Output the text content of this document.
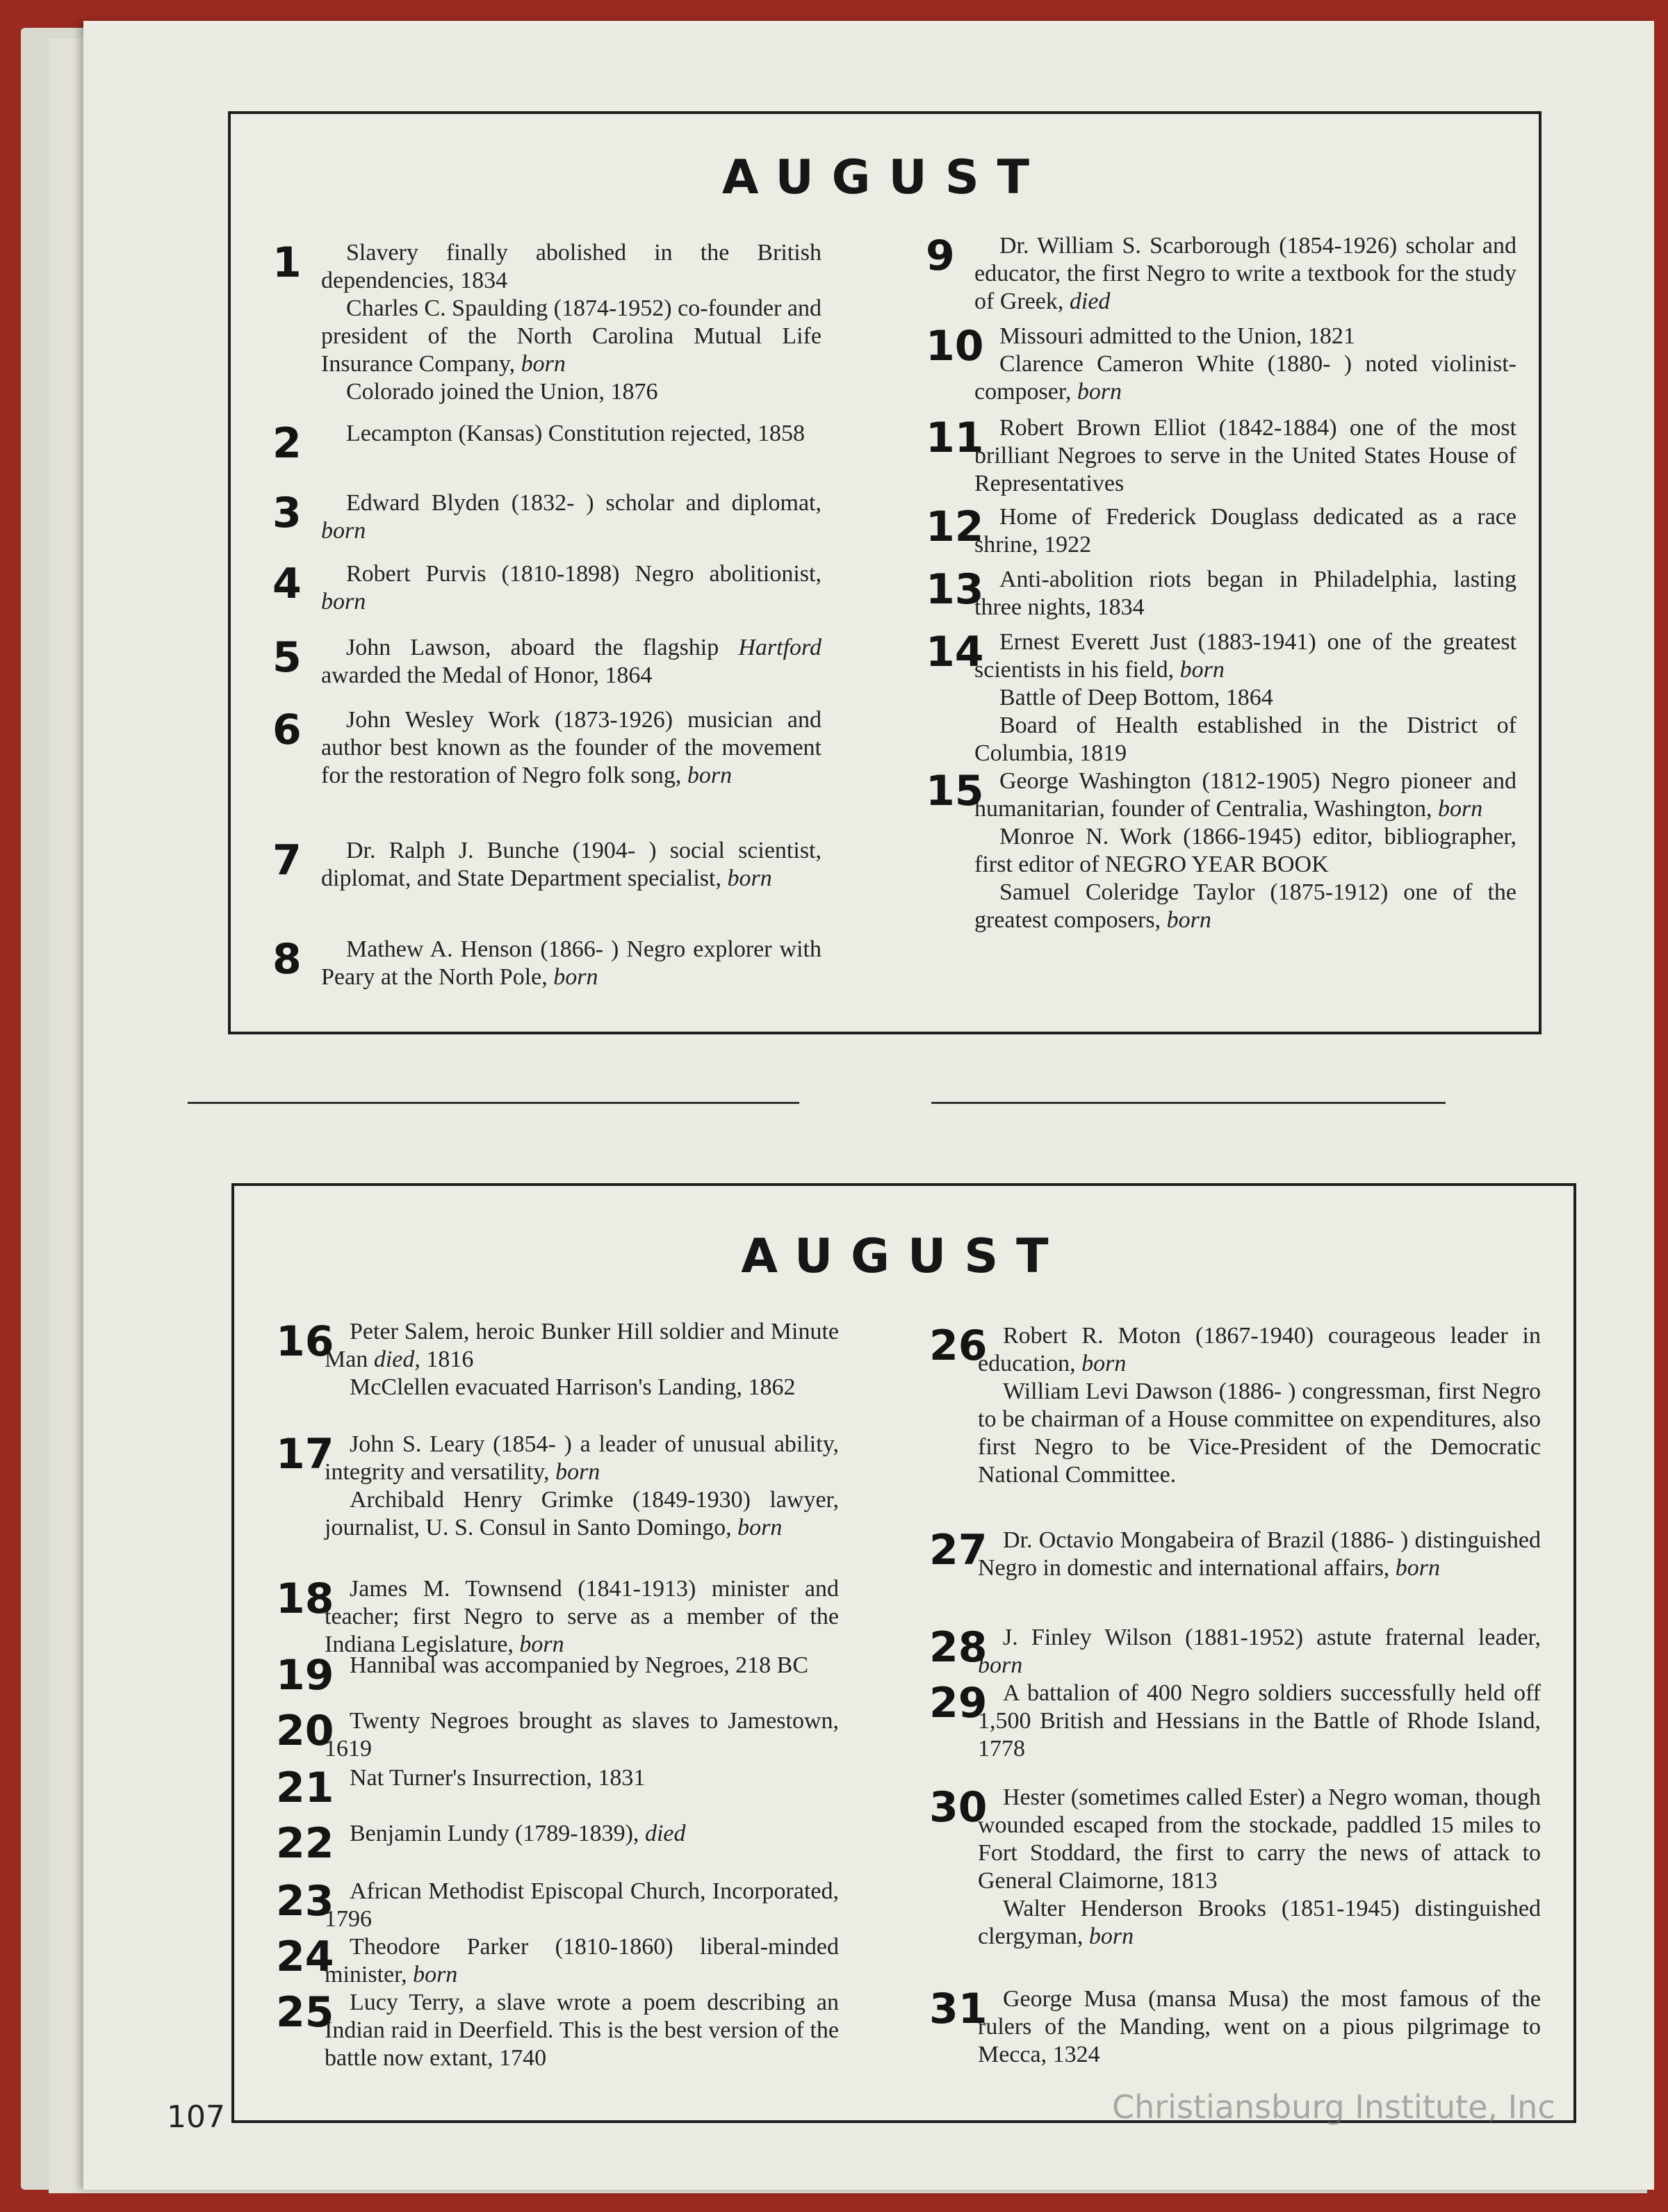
AUGUST
1	Slavery finally abolished in the British dependencies, 1834
Charles C. Spaulding (1874-1952) co-founder and president of the North Carolina Mutual Life Insurance Company, born
Colorado joined the Union, 1876
2	Lecampton (Kansas) Constitution rejected, 1858
3	Edward Blyden (1832- ) scholar and diplomat, born
4	Robert Purvis (1810-1898) Negro abolitionist, born
5	John Lawson, aboard the flagship Hartford awarded the Medal of Honor, 1864
6	John Wesley Work (1873-1926) musician and author best known as the founder of the movement for the restoration of Negro folk song, born
7	Dr. Ralph J. Bunche (1904- ) social scientist, diplomat, and State Department specialist, born
8	Mathew A. Henson (1866- ) Negro explorer with Peary at the North Pole, born
9	Dr. William S. Scarborough (1854-1926) scholar and educator, the first Negro to write a textbook for the study of Greek, died
10 Missouri admitted to the Union, 1821
Clarence Cameron White (1880- ) noted violinist-composer, born
11 Robert Brown Elliot (1842-1884) one of the most brilliant Negroes to serve in the United States House of Representatives
12 Home of Frederick Douglass dedicated as a race shrine, 1922
13 Anti-abolition riots began in Philadelphia, lasting three nights, 1834
14 Ernest Everett Just (1883-1941) one of the greatest scientists in his field, born
Battle of Deep Bottom, 1864
Board of Health established in the District of Columbia, 1819
15 George Washington (1812-1905) Negro pioneer and humanitarian, founder of Centralia, Washington, born
Monroe N. Work (1866-1945) editor, bibliographer, first editor of NEGRO YEAR BOOK
Samuel Coleridge Taylor (1875-1912) one of the greatest composers, born
AUGUST
16 Peter Salem, heroic Bunker Hill soldier and Minute Man died, 1816
McClellen evacuated Harrison's Landing, 1862
17 John S. Leary (1854- ) a leader of unusual ability, integrity and versatility, born
Archibald Henry Grimke (1849-1930) lawyer, journalist, U. S. Consul in Santo Domingo, born
18 James M. Townsend (1841-1913) minister and teacher; first Negro to serve as a member of the Indiana Legislature, born
19 Hannibal was accompanied by Negroes, 218 BC
20 Twenty Negroes brought as slaves to Jamestown, 1619
21 Nat Turner's Insurrection, 1831
22 Benjamin Lundy (1789-1839), died
23 African Methodist Episcopal Church, Incorporated, 1796
24 Theodore Parker (1810-1860) liberal-minded minister, born
25 Lucy Terry, a slave wrote a poem describing an Indian raid in Deerfield. This is the best version of the battle now extant, 1740
26 Robert R. Moton (1867-1940) courageous leader in education, born
William Levi Dawson (1886- ) congressman, first Negro to be chairman of a House committee on expenditures, also first Negro to be Vice-President of the Democratic National Committee.
27 Dr. Octavio Mongabeira of Brazil (1886- ) distinguished Negro in domestic and international affairs, born
28 J. Finley Wilson (1881-1952) astute fraternal leader, born
29 A battalion of 400 Negro soldiers successfully held off 1,500 British and Hessians in the Battle of Rhode Island, 1778
30 Hester (sometimes called Ester) a Negro woman, though wounded escaped from the stockade, paddled 15 miles to Fort Stoddard, the first to carry the news of attack to General Claimorne, 1813
Walter Henderson Brooks (1851-1945) distinguished clergyman, born
31 George Musa (mansa Musa) the most famous of the rulers of the Manding, went on a pious pilgrimage to Mecca, 1324
107	Christiansburg Institute, Inc
